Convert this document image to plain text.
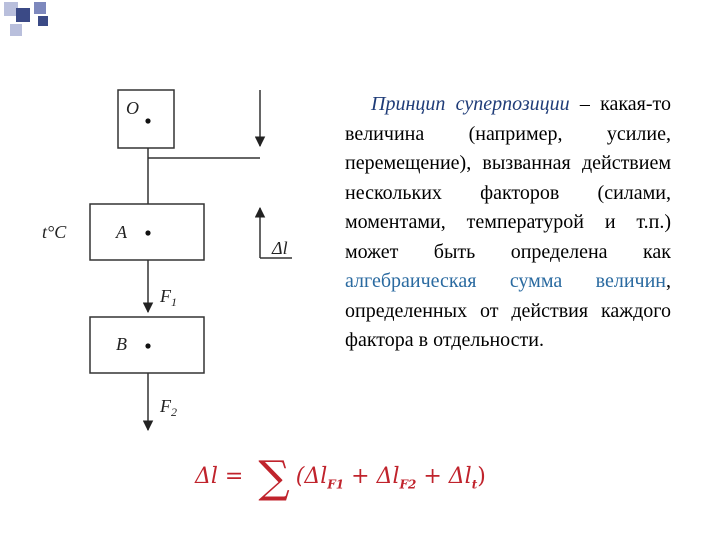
O
Δl
A
t°C
$F_1$
B
$F_2$
Принцип суперпозиции – какая-то величина (например, усилие, перемещение), вызванная действием нескольких факторов (силами, моментами, температурой и т.п.) может быть определена как алгебраическая сумма величин, определенных от действия каждого фактора в отдельности.
Δl = ∑ $(\Delta l_{F1} + \Delta l_{F2} + \Delta l_t)$
